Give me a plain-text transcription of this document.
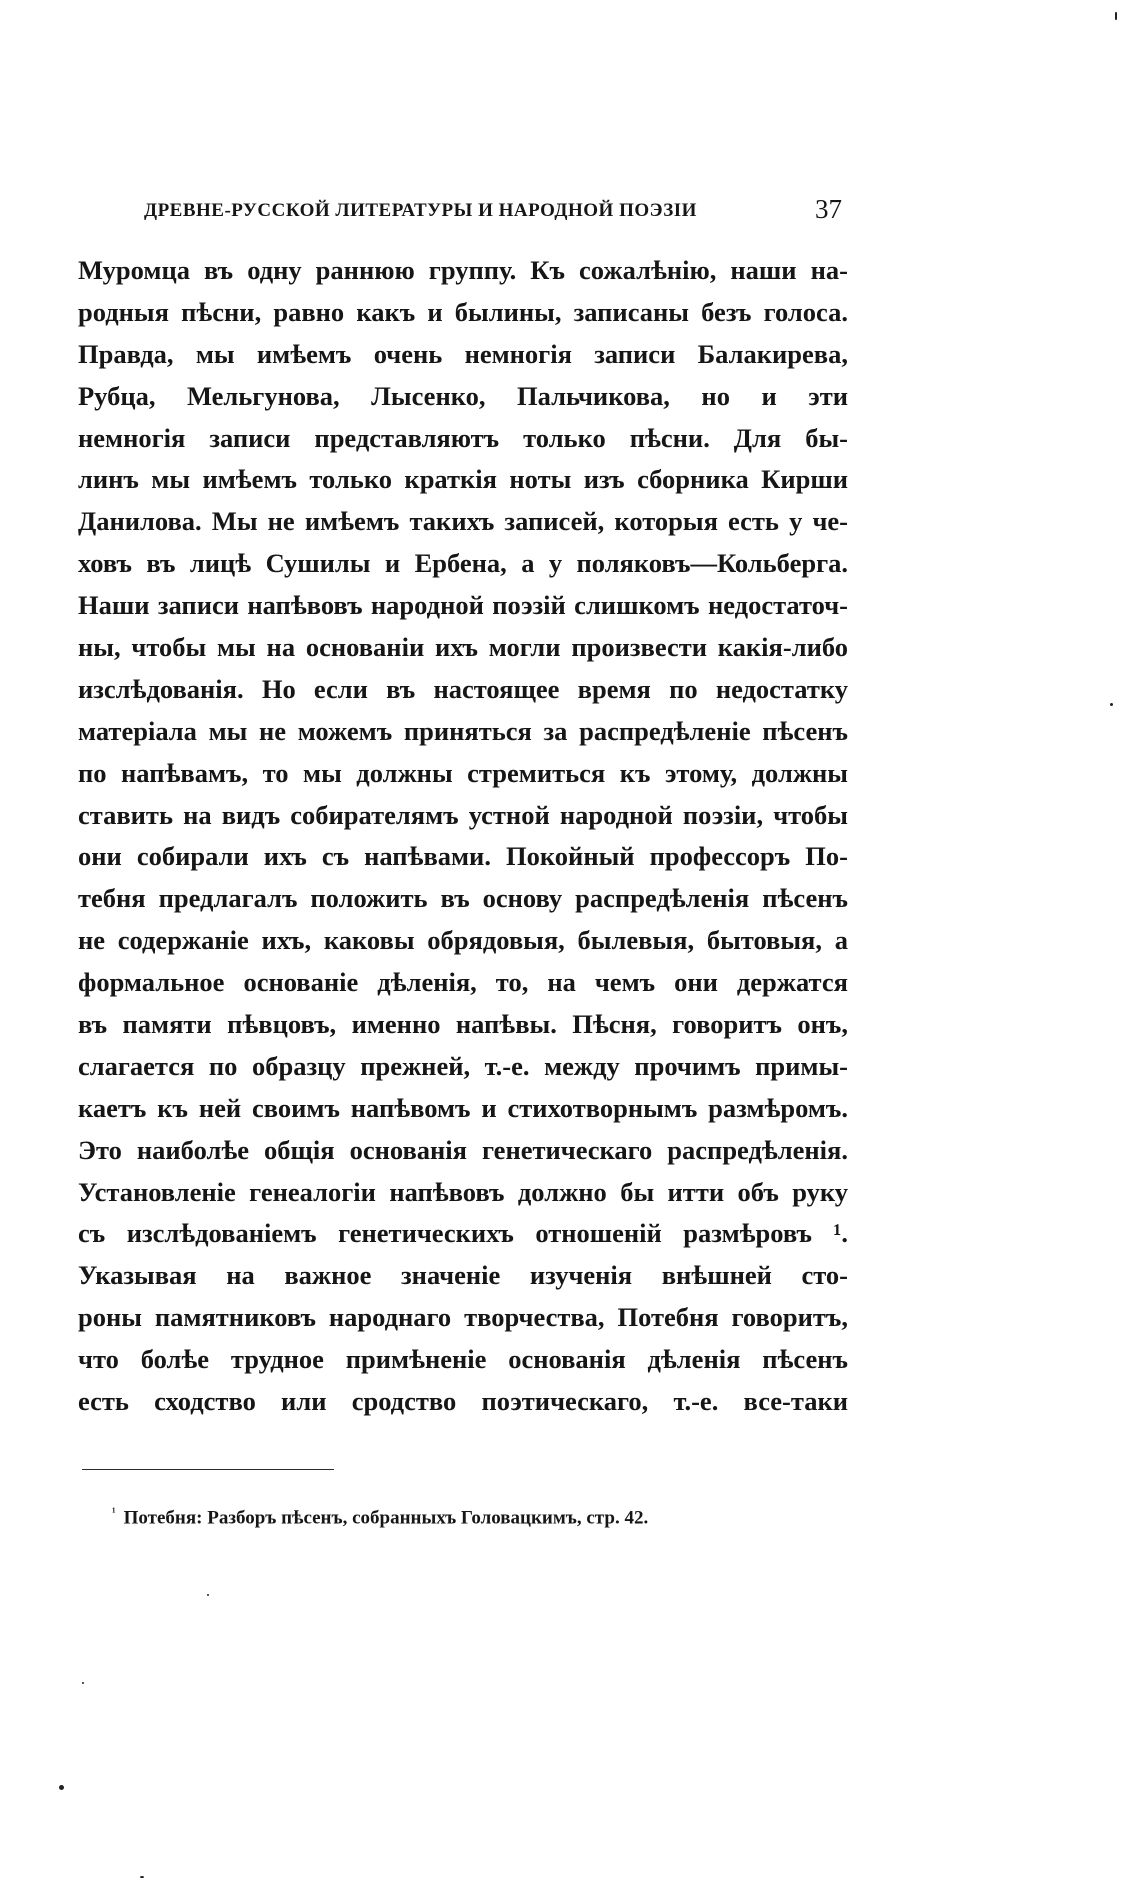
ДРЕВНЕ-РУССКОЙ ЛИТЕРАТУРЫ И НАРОДНОЙ ПОЭЗІИ	37
Муромца въ одну раннюю группу. Къ сожалѣнію, наши на-
родныя пѣсни, равно какъ и былины, записаны безъ голоса.
Правда, мы имѣемъ очень немногія записи Балакирева,
Рубца, Мельгунова, Лысенко, Пальчикова, но и эти
немногія записи представляютъ только пѣсни. Для бы-
линъ мы имѣемъ только краткія ноты изъ сборника Кирши
Данилова. Мы не имѣемъ такихъ записей, которыя есть у че-
ховъ въ лицѣ Сушилы и Ербена, а у поляковъ—Кольберга.
Наши записи напѣвовъ народной поэзій слишкомъ недостаточ-
ны, чтобы мы на основаніи ихъ могли произвести какія-либо
изслѣдованія. Но если въ настоящее время по недостатку
матеріала мы не можемъ приняться за распредѣленіе пѣсенъ
по напѣвамъ, то мы должны стремиться къ этому, должны
ставить на видъ собирателямъ устной народной поэзіи, чтобы
они собирали ихъ съ напѣвами. Покойный профессоръ По-
тебня предлагалъ положить въ основу распредѣленія пѣсенъ
не содержаніе ихъ, каковы обрядовыя, былевыя, бытовыя, а
формальное основаніе дѣленія, то, на чемъ они держатся
въ памяти пѣвцовъ, именно напѣвы. Пѣсня, говоритъ онъ,
слагается по образцу прежней, т.-е. между прочимъ примы-
каетъ къ ней своимъ напѣвомъ и стихотворнымъ размѣромъ.
Это наиболѣе общія основанія генетическаго распредѣленія.
Установленіе генеалогіи напѣвовъ должно бы итти объ руку
съ изслѣдованіемъ генетическихъ отношеній размѣровъ ¹.
Указывая на важное значеніе изученія внѣшней сто-
роны памятниковъ народнаго творчества, Потебня говоритъ,
что болѣе трудное примѣненіе основанія дѣленія пѣсенъ
есть сходство или сродство поэтическаго, т.-е. все-таки
$^{^1}$ Потебня: Разборъ пѣсенъ, собранныхъ Головацкимъ, стр. 42.
